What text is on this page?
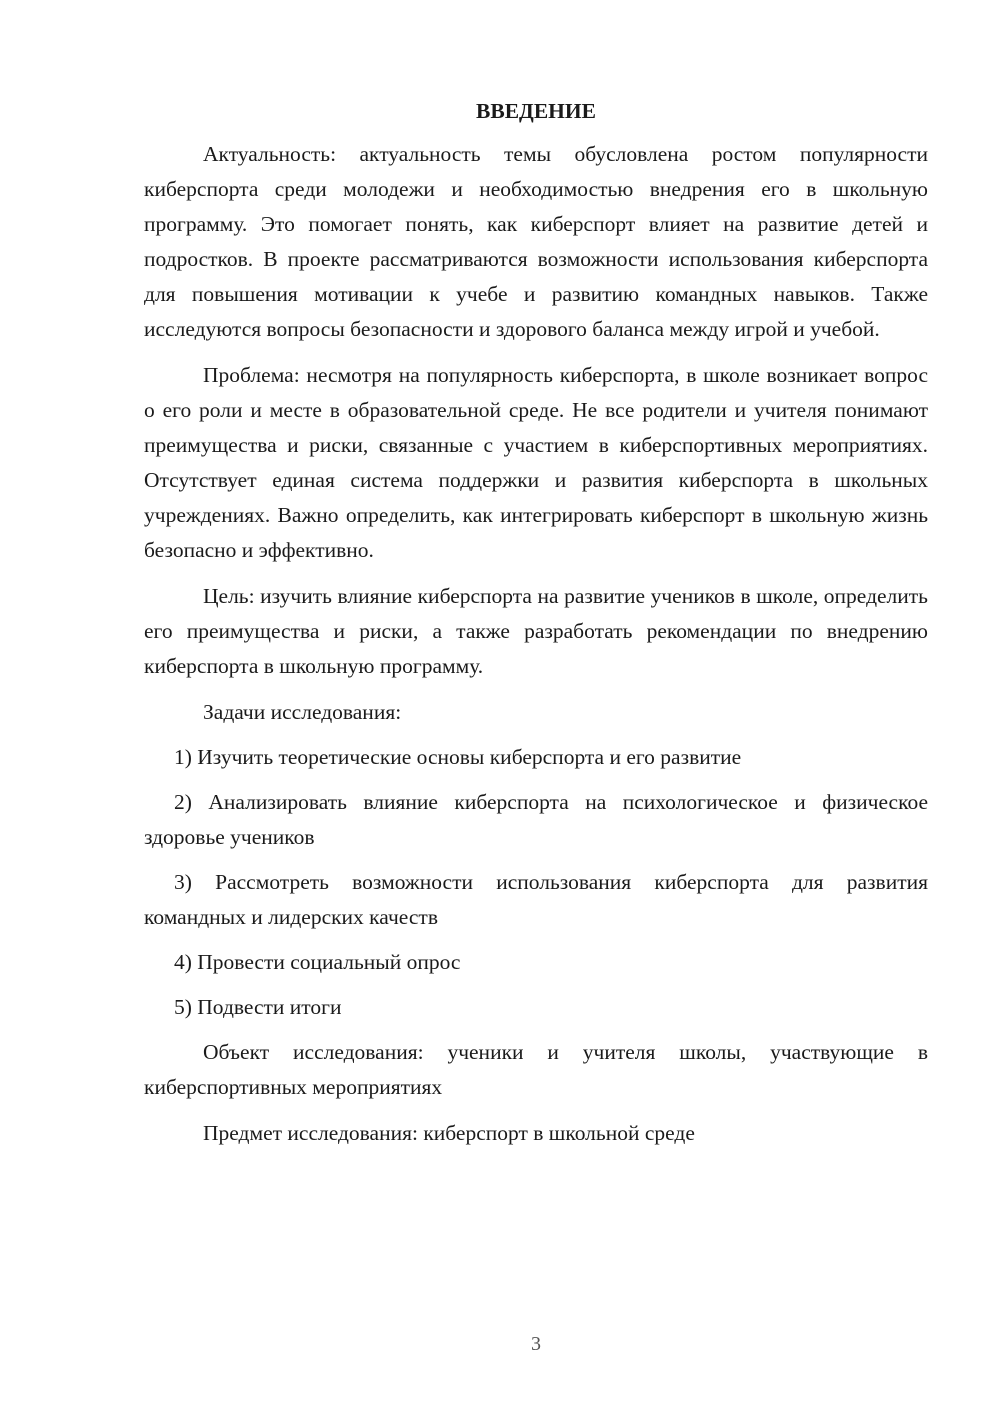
ВВЕДЕНИЕ

Актуальность: актуальность темы обусловлена ростом популярности киберспорта среди молодежи и необходимостью внедрения его в школьную программу. Это помогает понять, как киберспорт влияет на развитие детей и подростков. В проекте рассматриваются возможности использования киберспорта для повышения мотивации к учебе и развитию командных навыков. Также исследуются вопросы безопасности и здорового баланса между игрой и учебой.

Проблема: несмотря на популярность киберспорта, в школе возникает вопрос о его роли и месте в образовательной среде. Не все родители и учителя понимают преимущества и риски, связанные с участием в киберспортивных мероприятиях. Отсутствует единая система поддержки и развития киберспорта в школьных учреждениях. Важно определить, как интегрировать киберспорт в школьную жизнь безопасно и эффективно.

Цель: изучить влияние киберспорта на развитие учеников в школе, определить его преимущества и риски, а также разработать рекомендации по внедрению киберспорта в школьную программу.

Задачи исследования:

1) Изучить теоретические основы киберспорта и его развитие

2) Анализировать влияние киберспорта на психологическое и физическое здоровье учеников

3) Рассмотреть возможности использования киберспорта для развития командных и лидерских качеств

4) Провести социальный опрос

5) Подвести итоги

Объект исследования: ученики и учителя школы, участвующие в киберспортивных мероприятиях

Предмет исследования: киберспорт в школьной среде

3
